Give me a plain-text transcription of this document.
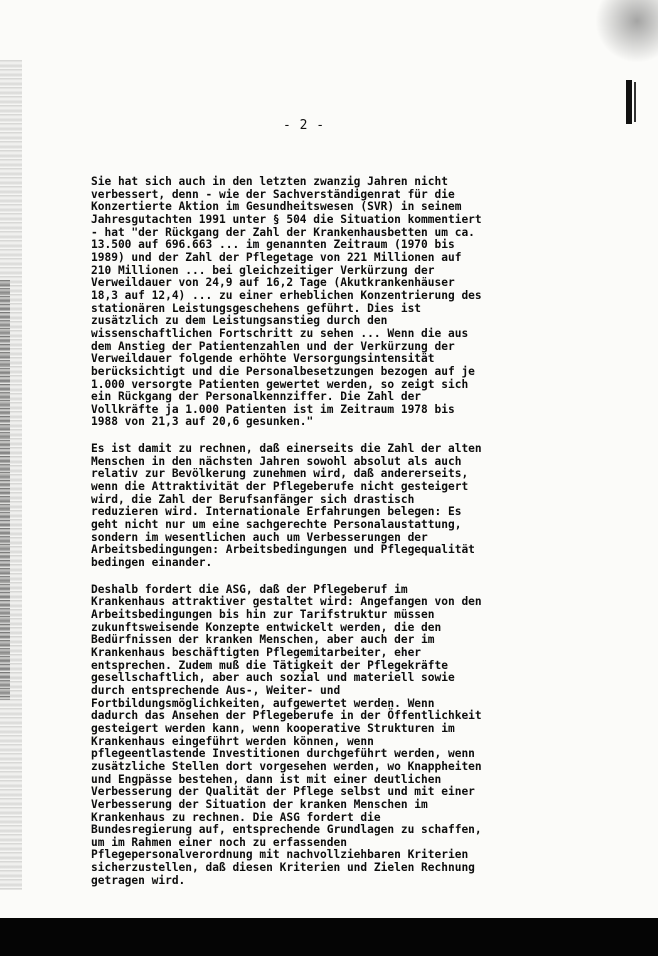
- 2 -
Sie hat sich auch in den letzten zwanzig Jahren nicht
verbessert, denn - wie der Sachverständigenrat für die
Konzertierte Aktion im Gesundheitswesen (SVR) in seinem
Jahresgutachten 1991 unter § 504 die Situation kommentiert
- hat "der Rückgang der Zahl der Krankenhausbetten um ca.
13.500 auf 696.663 ... im genannten Zeitraum (1970 bis
1989) und der Zahl der Pflegetage von 221 Millionen auf
210 Millionen ... bei gleichzeitiger Verkürzung der
Verweildauer von 24,9 auf 16,2 Tage (Akutkrankenhäuser
18,3 auf 12,4) ... zu einer erheblichen Konzentrierung des
stationären Leistungsgeschehens geführt. Dies ist
zusätzlich zu dem Leistungsanstieg durch den
wissenschaftlichen Fortschritt zu sehen ... Wenn die aus
dem Anstieg der Patientenzahlen und der Verkürzung der
Verweildauer folgende erhöhte Versorgungsintensität
berücksichtigt und die Personalbesetzungen bezogen auf je
1.000 versorgte Patienten gewertet werden, so zeigt sich
ein Rückgang der Personalkennziffer. Die Zahl der
Vollkräfte ja 1.000 Patienten ist im Zeitraum 1978 bis
1988 von 21,3 auf 20,6 gesunken."
Es ist damit zu rechnen, daß einerseits die Zahl der alten
Menschen in den nächsten Jahren sowohl absolut als auch
relativ zur Bevölkerung zunehmen wird, daß andererseits,
wenn die Attraktivität der Pflegeberufe nicht gesteigert
wird, die Zahl der Berufsanfänger sich drastisch
reduzieren wird. Internationale Erfahrungen belegen: Es
geht nicht nur um eine sachgerechte Personalaustattung,
sondern im wesentlichen auch um Verbesserungen der
Arbeitsbedingungen: Arbeitsbedingungen und Pflegequalität
bedingen einander.
Deshalb fordert die ASG, daß der Pflegeberuf im
Krankenhaus attraktiver gestaltet wird: Angefangen von den
Arbeitsbedingungen bis hin zur Tarifstruktur müssen
zukunftsweisende Konzepte entwickelt werden, die den
Bedürfnissen der kranken Menschen, aber auch der im
Krankenhaus beschäftigten Pflegemitarbeiter, eher
entsprechen. Zudem muß die Tätigkeit der Pflegekräfte
gesellschaftlich, aber auch sozial und materiell sowie
durch entsprechende Aus-, Weiter- und
Fortbildungsmöglichkeiten, aufgewertet werden. Wenn
dadurch das Ansehen der Pflegeberufe in der Öffentlichkeit
gesteigert werden kann, wenn kooperative Strukturen im
Krankenhaus eingeführt werden können, wenn
pflegeentlastende Investitionen durchgeführt werden, wenn
zusätzliche Stellen dort vorgesehen werden, wo Knappheiten
und Engpässe bestehen, dann ist mit einer deutlichen
Verbesserung der Qualität der Pflege selbst und mit einer
Verbesserung der Situation der kranken Menschen im
Krankenhaus zu rechnen. Die ASG fordert die
Bundesregierung auf, entsprechende Grundlagen zu schaffen,
um im Rahmen einer noch zu erfassenden
Pflegepersonalverordnung mit nachvollziehbaren Kriterien
sicherzustellen, daß diesen Kriterien und Zielen Rechnung
getragen wird.
